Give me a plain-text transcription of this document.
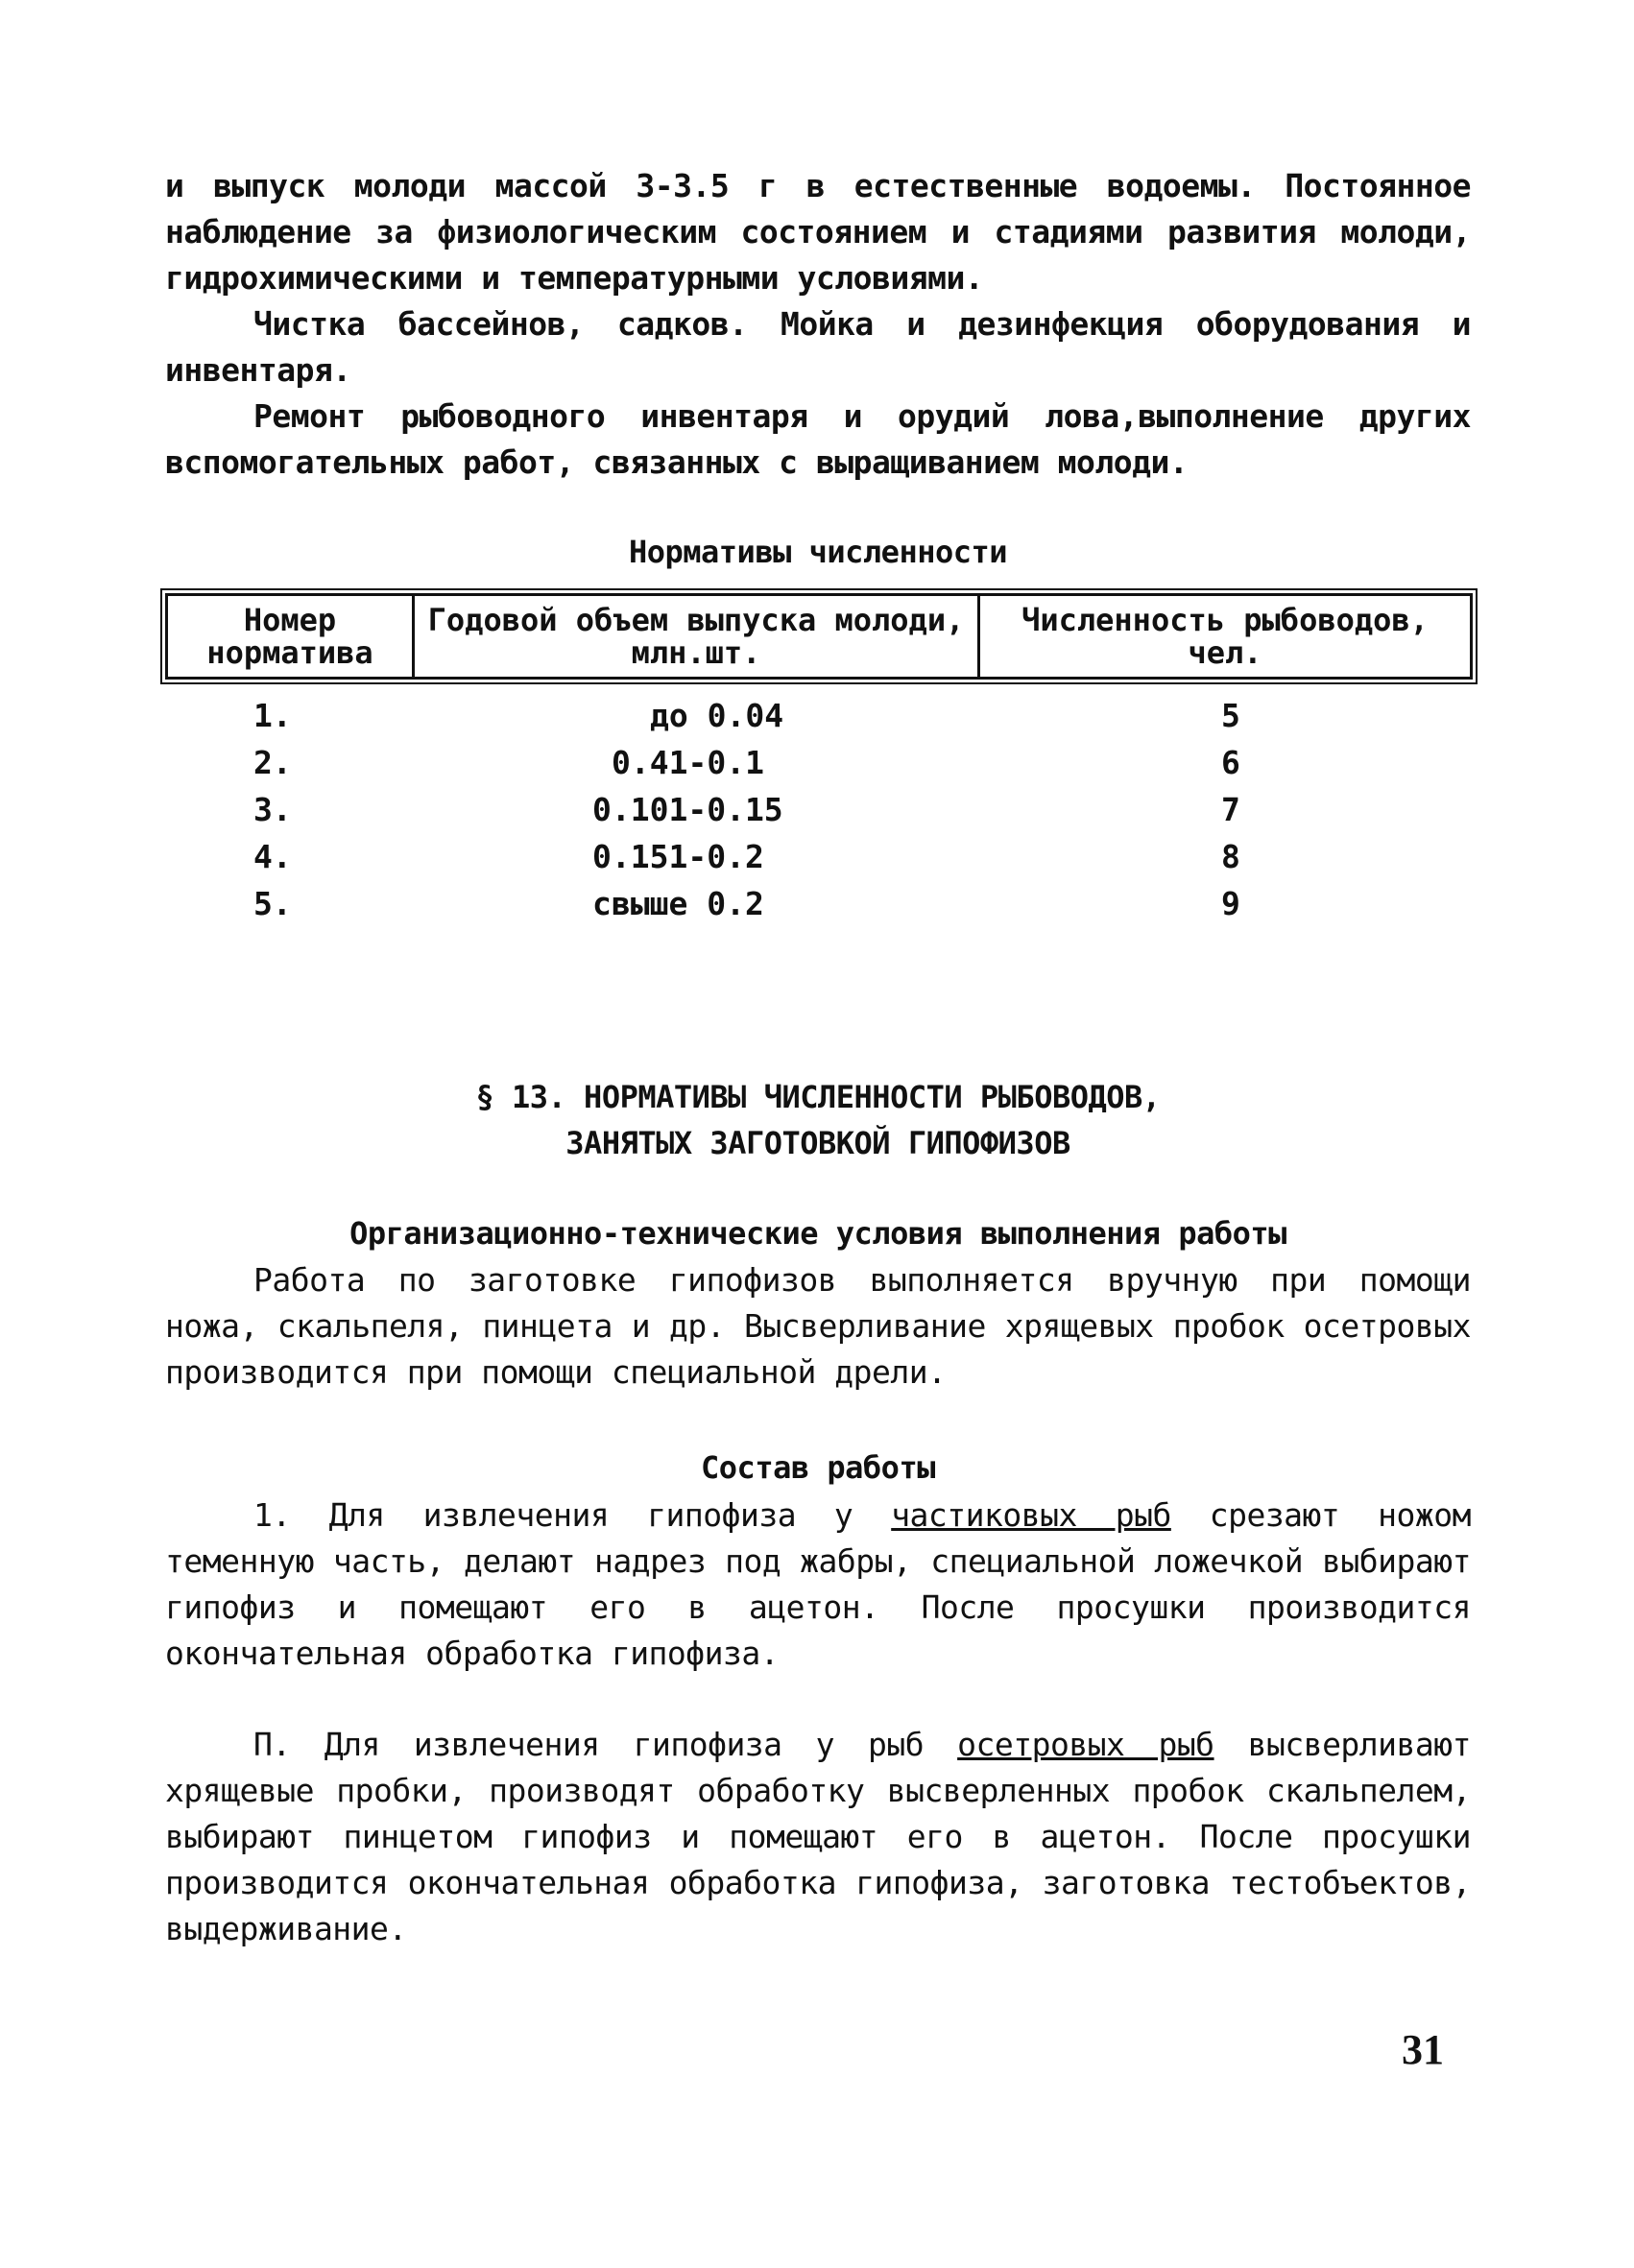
и выпуск молоди массой 3-3.5 г в естественные водоемы. Постоянное наблюдение за физиологическим состоянием и стадиями развития молоди, гидрохимическими и температурными условиями.

Чистка бассейнов, садков. Мойка и дезинфекция оборудования и инвентаря.

Ремонт рыбоводного инвентаря и орудий лова,выполнение других вспомогательных работ, связанных с выращиванием молоди.

Нормативы численности

Номер норматива	Годовой объем выпуска молоди, млн.шт.	Численность рыбоводов, чел.
1.	до 0.04	5
2.	0.41-0.1	6
3.	0.101-0.15	7
4.	0.151-0.2	8
5.	свыше 0.2	9

§ 13. НОРМАТИВЫ ЧИСЛЕННОСТИ РЫБОВОДОВ,

ЗАНЯТЫХ ЗАГОТОВКОЙ ГИПОФИЗОВ

Организационно-технические условия выполнения работы

Работа по заготовке гипофизов выполняется вручную при помощи ножа, скальпеля, пинцета и др. Высверливание хрящевых пробок осетровых производится при помощи специальной дрели.

Состав работы

1. Для извлечения гипофиза у частиковых рыб срезают ножом теменную часть, делают надрез под жабры, специальной ложечкой выбирают гипофиз и помещают его в ацетон. После просушки производится окончательная обработка гипофиза.

П. Для извлечения гипофиза у рыб осетровых рыб высверливают хрящевые пробки, производят обработку высверленных пробок скальпелем, выбирают пинцетом гипофиз и помещают его в ацетон. После просушки производится окончательная обработка гипофиза, заготовка тестобъектов, выдерживание.

31
